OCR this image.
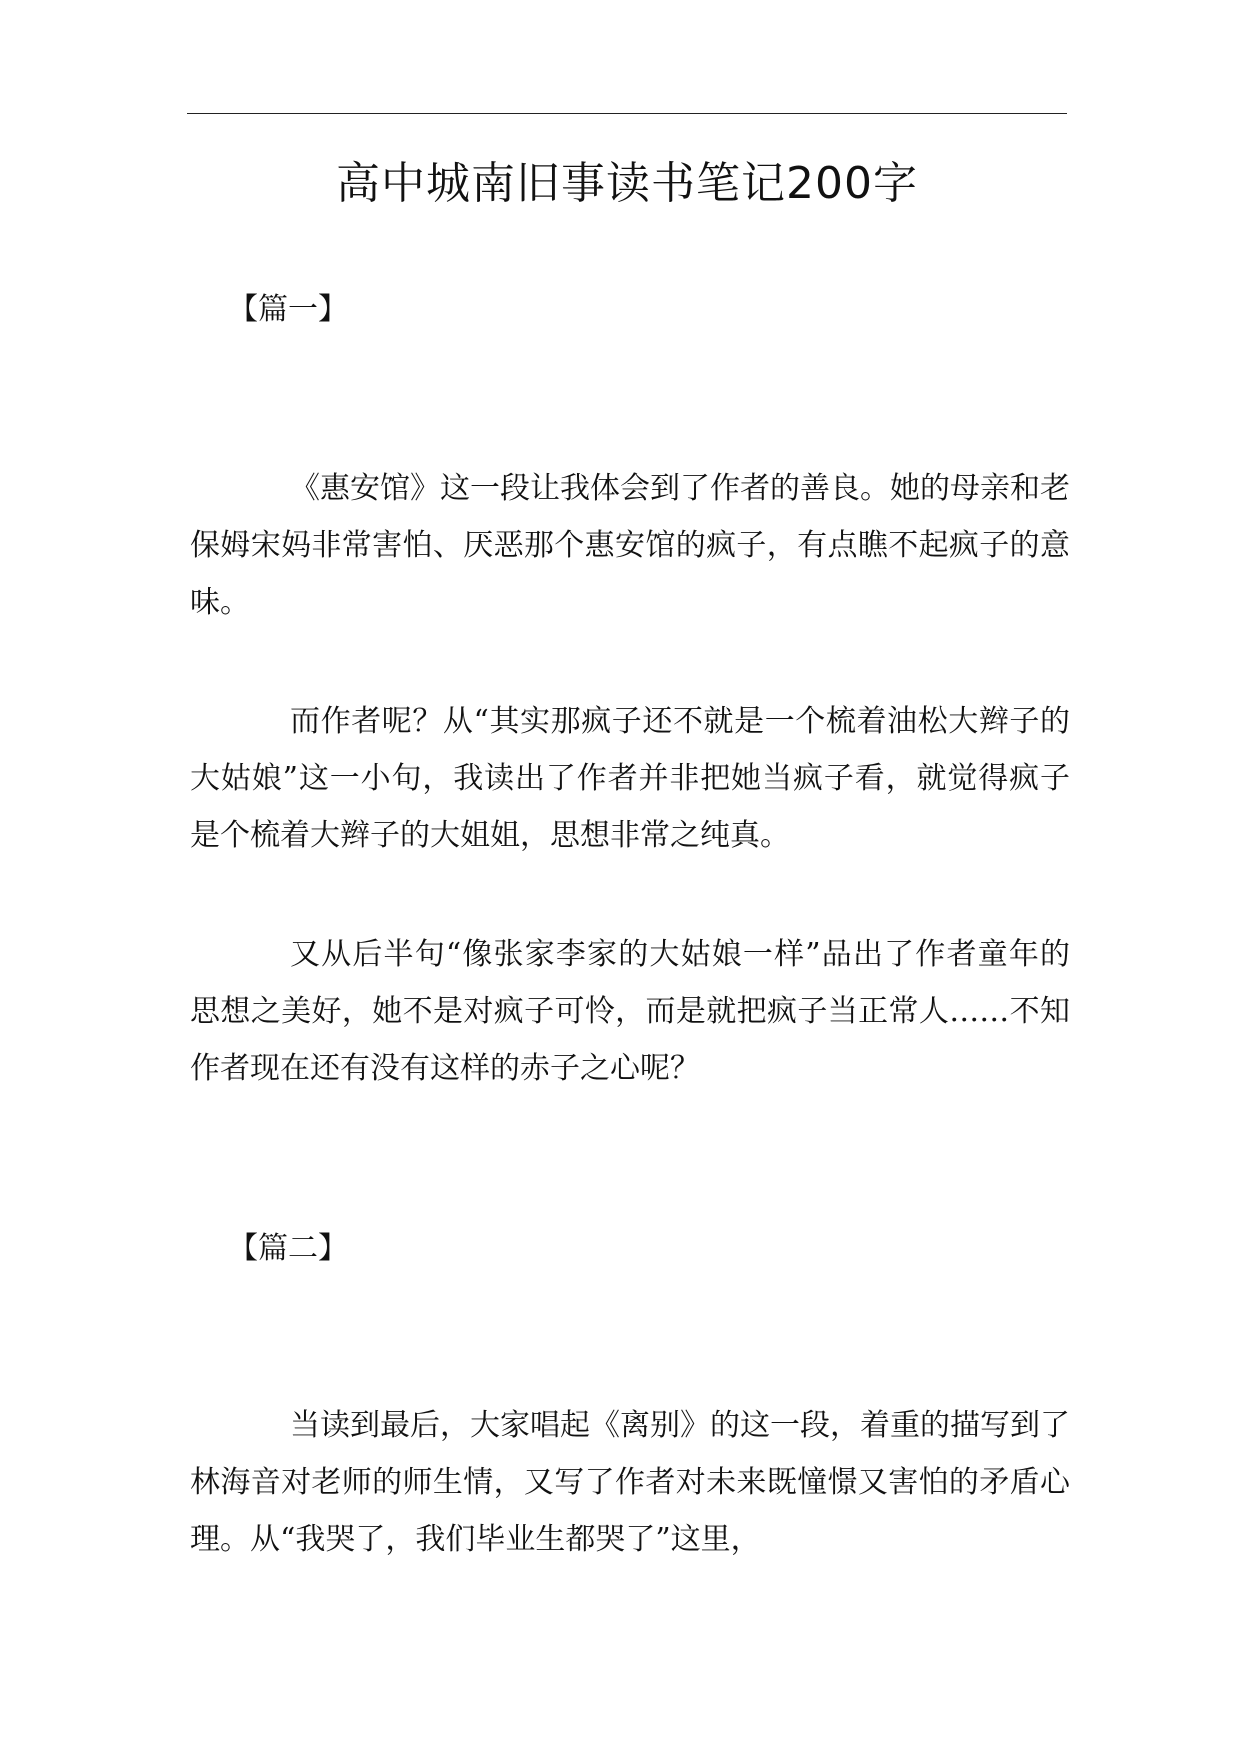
高中城南旧事读书笔记200字

【篇一】

《惠安馆》这一段让我体会到了作者的善良。她的母亲和老保姆宋妈非常害怕、厌恶那个惠安馆的疯子，有点瞧不起疯子的意味。

而作者呢？从“其实那疯子还不就是一个梳着油松大辫子的大姑娘”这一小句，我读出了作者并非把她当疯子看，就觉得疯子是个梳着大辫子的大姐姐，思想非常之纯真。

又从后半句“像张家李家的大姑娘一样”品出了作者童年的思想之美好，她不是对疯子可怜，而是就把疯子当正常人……不知作者现在还有没有这样的赤子之心呢？

【篇二】

当读到最后，大家唱起《离别》的这一段，着重的描写到了林海音对老师的师生情，又写了作者对未来既憧憬又害怕的矛盾心理。从“我哭了，我们毕业生都哭了”这里，
